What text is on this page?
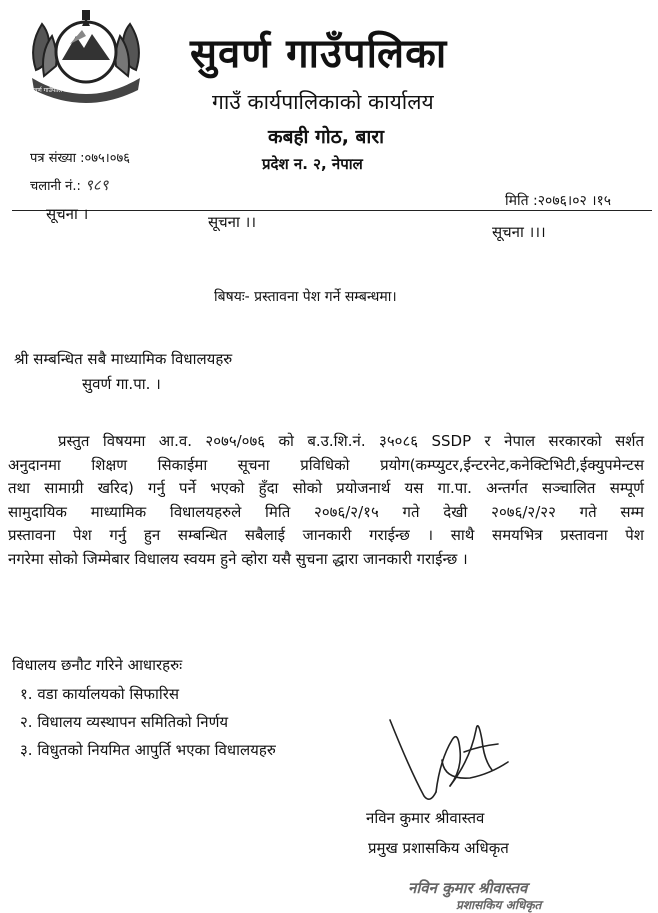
सुवर्ण गाउँपालिका
सुवर्ण गाउँपलिका
गाउँ कार्यपालिकाको कार्यालय
कबही गोठ, बारा
प्रदेश न. २, नेपाल
पत्र संख्या :०७५।०७६
चलानी नं.: ९८९
मिति :२०७६।०२ ।१५
सूचना ।	सूचना ।।
सूचना ।।।
बिषयः- प्रस्तावना पेश गर्ने सम्बन्धमा।
श्री सम्बन्धित सबै माध्यामिक विधालयहरु
सुवर्ण गा.पा. ।
प्रस्तुत विषयमा आ.व. २०७५/०७६ को ब.उ.शि.नं. ३५०८६ SSDP र नेपाल सरकारको सर्शत
अनुदानमा शिक्षण सिकाईमा सूचना प्रविधिको प्रयोग(कम्प्युटर,ईन्टरनेट,कनेक्टिभिटी,ईक्युपमेन्टस
तथा सामाग्री खरिद) गर्नु पर्ने भएको हुँदा सोको प्रयोजनार्थ यस गा.पा. अन्तर्गत सञ्चालित सम्पूर्ण
सामुदायिक माध्यामिक विधालयहरुले मिति २०७६/२/१५ गते देखी २०७६/२/२२ गते सम्म
प्रस्तावना पेश गर्नु हुन सम्बन्धित सबैलाई जानकारी गराईन्छ । साथै समयभित्र प्रस्तावना पेश
नगरेमा सोको जिम्मेबार विधालय स्वयम हुने व्होरा यसै सुचना द्धारा जानकारी गराईन्छ ।
विधालय छनौट गरिने आधारहरुः
१. वडा कार्यालयको सिफारिस
२. विधालय व्यस्थापन समितिको निर्णय
३. विधुतको नियमित आपुर्ति भएका विधालयहरु
नविन कुमार श्रीवास्तव
प्रमुख प्रशासकिय अधिकृत
नविन कुमार श्रीवास्तव
प्रशासकिय अधिकृत
